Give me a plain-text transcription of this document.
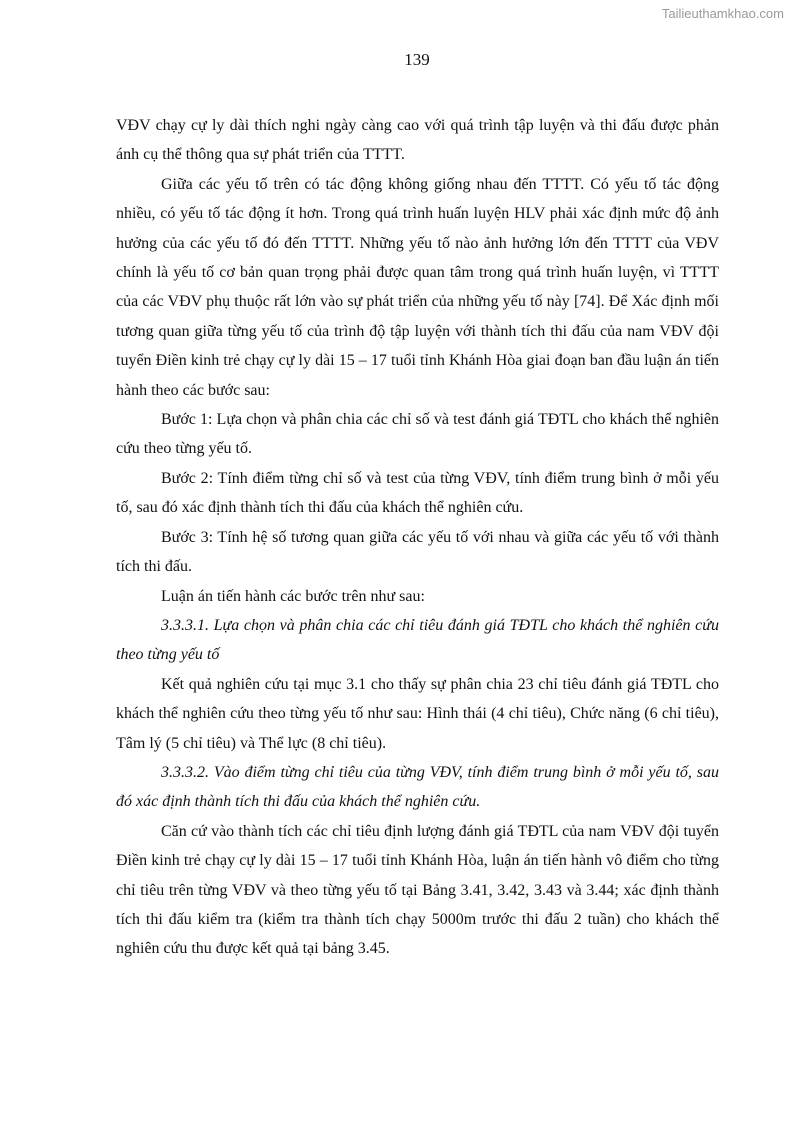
Tailieuthamkhao.com
139

VĐV chạy cự ly dài thích nghi ngày càng cao với quá trình tập luyện và thi đấu được phản ánh cụ thể thông qua sự phát triển của TTTT.

Giữa các yếu tố trên có tác động không giống nhau đến TTTT. Có yếu tố tác động nhiều, có yếu tố tác động ít hơn. Trong quá trình huấn luyện HLV phải xác định mức độ ảnh hưởng của các yếu tố đó đến TTTT. Những yếu tố nào ảnh hưởng lớn đến TTTT của VĐV chính là yếu tố cơ bản quan trọng phải được quan tâm trong quá trình huấn luyện, vì TTTT của các VĐV phụ thuộc rất lớn vào sự phát triển của những yếu tố này [74]. Để Xác định mối tương quan giữa từng yếu tố của trình độ tập luyện với thành tích thi đấu của nam VĐV đội tuyển Điền kinh trẻ chạy cự ly dài 15 – 17 tuổi tỉnh Khánh Hòa giai đoạn ban đầu luận án tiến hành theo các bước sau:

Bước 1: Lựa chọn và phân chia các chỉ số và test đánh giá TĐTL cho khách thể nghiên cứu theo từng yếu tố.

Bước 2: Tính điểm từng chỉ số và test của từng VĐV, tính điểm trung bình ở mỗi yếu tố, sau đó xác định thành tích thi đấu của khách thể nghiên cứu.

Bước 3: Tính hệ số tương quan giữa các yếu tố với nhau và giữa các yếu tố với thành tích thi đấu.

Luận án tiến hành các bước trên như sau:

3.3.3.1. Lựa chọn và phân chia các chỉ tiêu đánh giá TĐTL cho khách thể nghiên cứu theo từng yếu tố

Kết quả nghiên cứu tại mục 3.1 cho thấy sự phân chia 23 chỉ tiêu đánh giá TĐTL cho khách thể nghiên cứu theo từng yếu tố như sau: Hình thái (4 chỉ tiêu), Chức năng (6 chỉ tiêu), Tâm lý (5 chỉ tiêu) và Thể lực (8 chỉ tiêu).

3.3.3.2. Vào điểm từng chỉ tiêu của từng VĐV, tính điểm trung bình ở mỗi yếu tố, sau đó xác định thành tích thi đấu của khách thể nghiên cứu.

Căn cứ vào thành tích các chỉ tiêu định lượng đánh giá TĐTL của nam VĐV đội tuyển Điền kinh trẻ chạy cự ly dài 15 – 17 tuổi tỉnh Khánh Hòa, luận án tiến hành vô điểm cho từng chỉ tiêu trên từng VĐV và theo từng yếu tố tại Bảng 3.41, 3.42, 3.43 và 3.44; xác định thành tích thi đấu kiểm tra (kiểm tra thành tích chạy 5000m trước thi đấu 2 tuần) cho khách thể nghiên cứu thu được kết quả tại bảng 3.45.
